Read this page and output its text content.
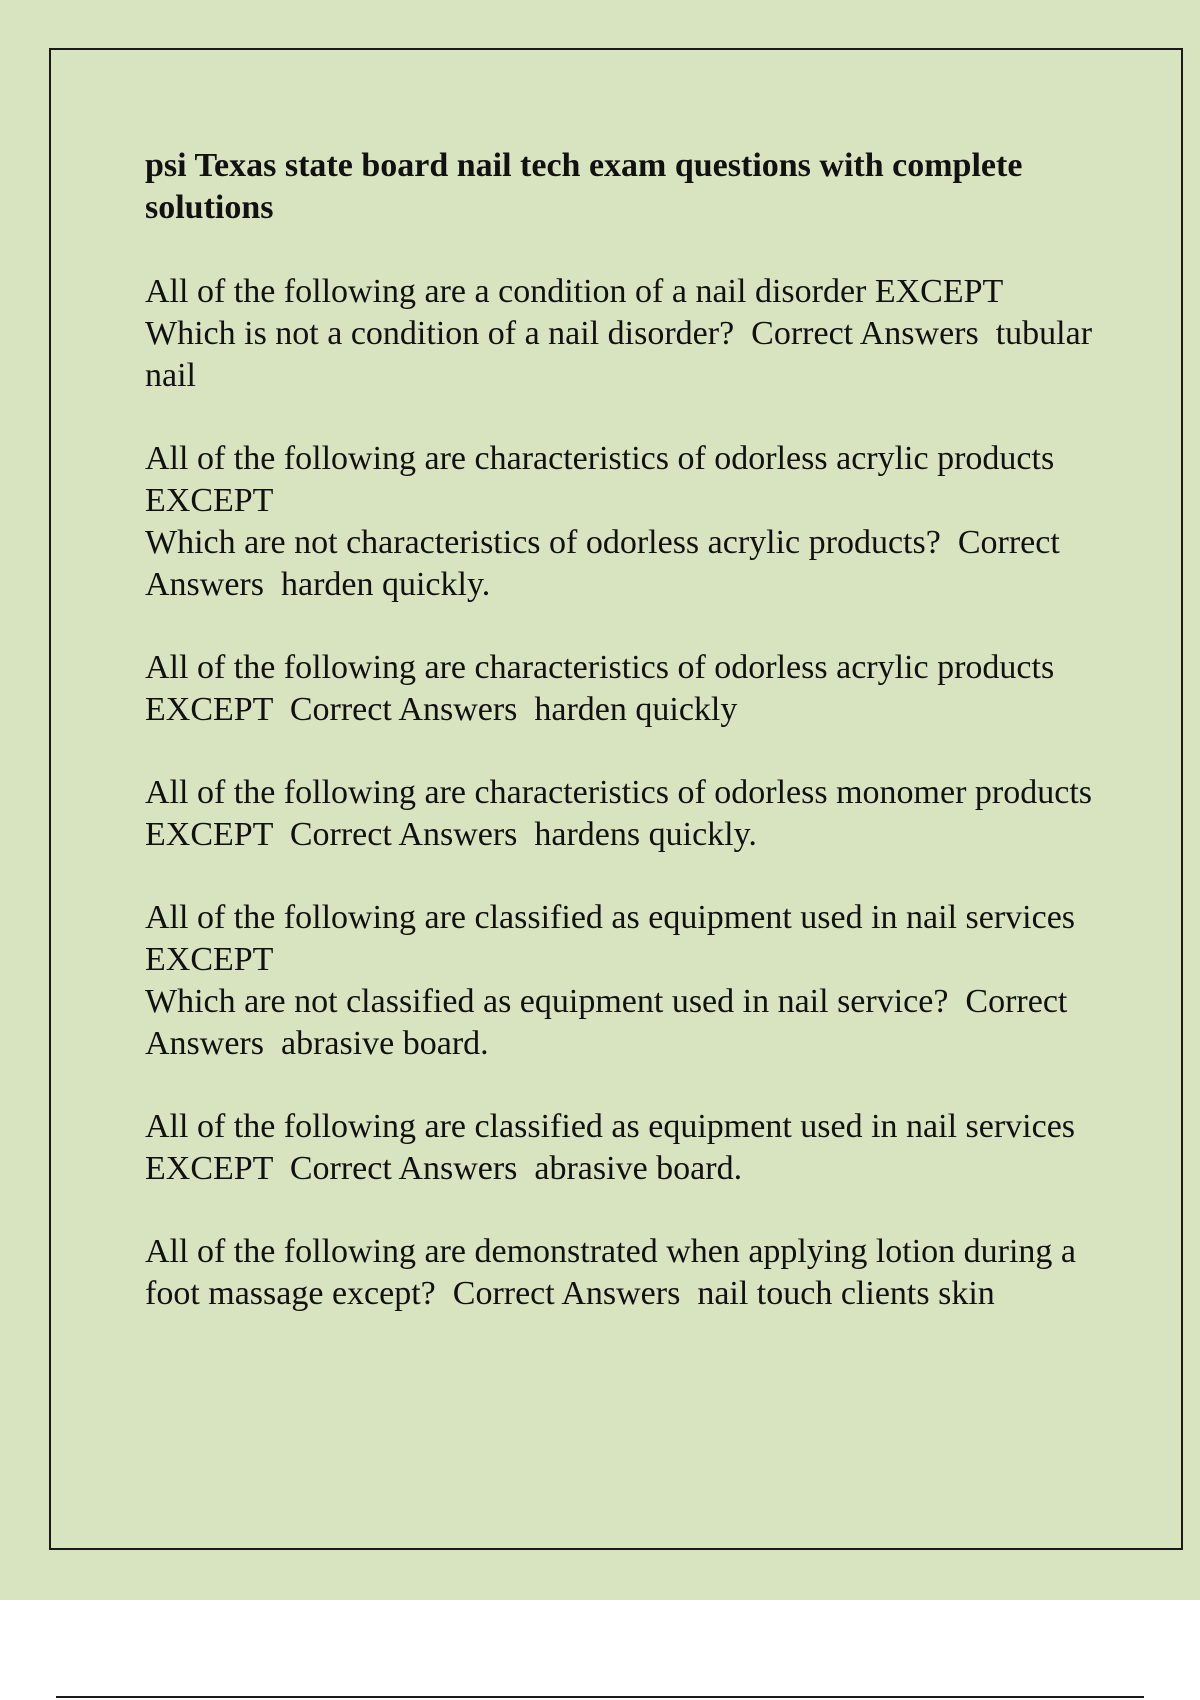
psi Texas state board nail tech exam questions with complete solutions

All of the following are a condition of a nail disorder EXCEPT

Which is not a condition of a nail disorder?  Correct Answers  tubular nail

All of the following are characteristics of odorless acrylic products EXCEPT

Which are not characteristics of odorless acrylic products?  Correct Answers  harden quickly.

All of the following are characteristics of odorless acrylic products EXCEPT  Correct Answers  harden quickly

All of the following are characteristics of odorless monomer products EXCEPT  Correct Answers  hardens quickly.

All of the following are classified as equipment used in nail services EXCEPT

Which are not classified as equipment used in nail service?  Correct Answers  abrasive board.

All of the following are classified as equipment used in nail services EXCEPT  Correct Answers  abrasive board.

All of the following are demonstrated when applying lotion during a foot massage except?  Correct Answers  nail touch clients skin
